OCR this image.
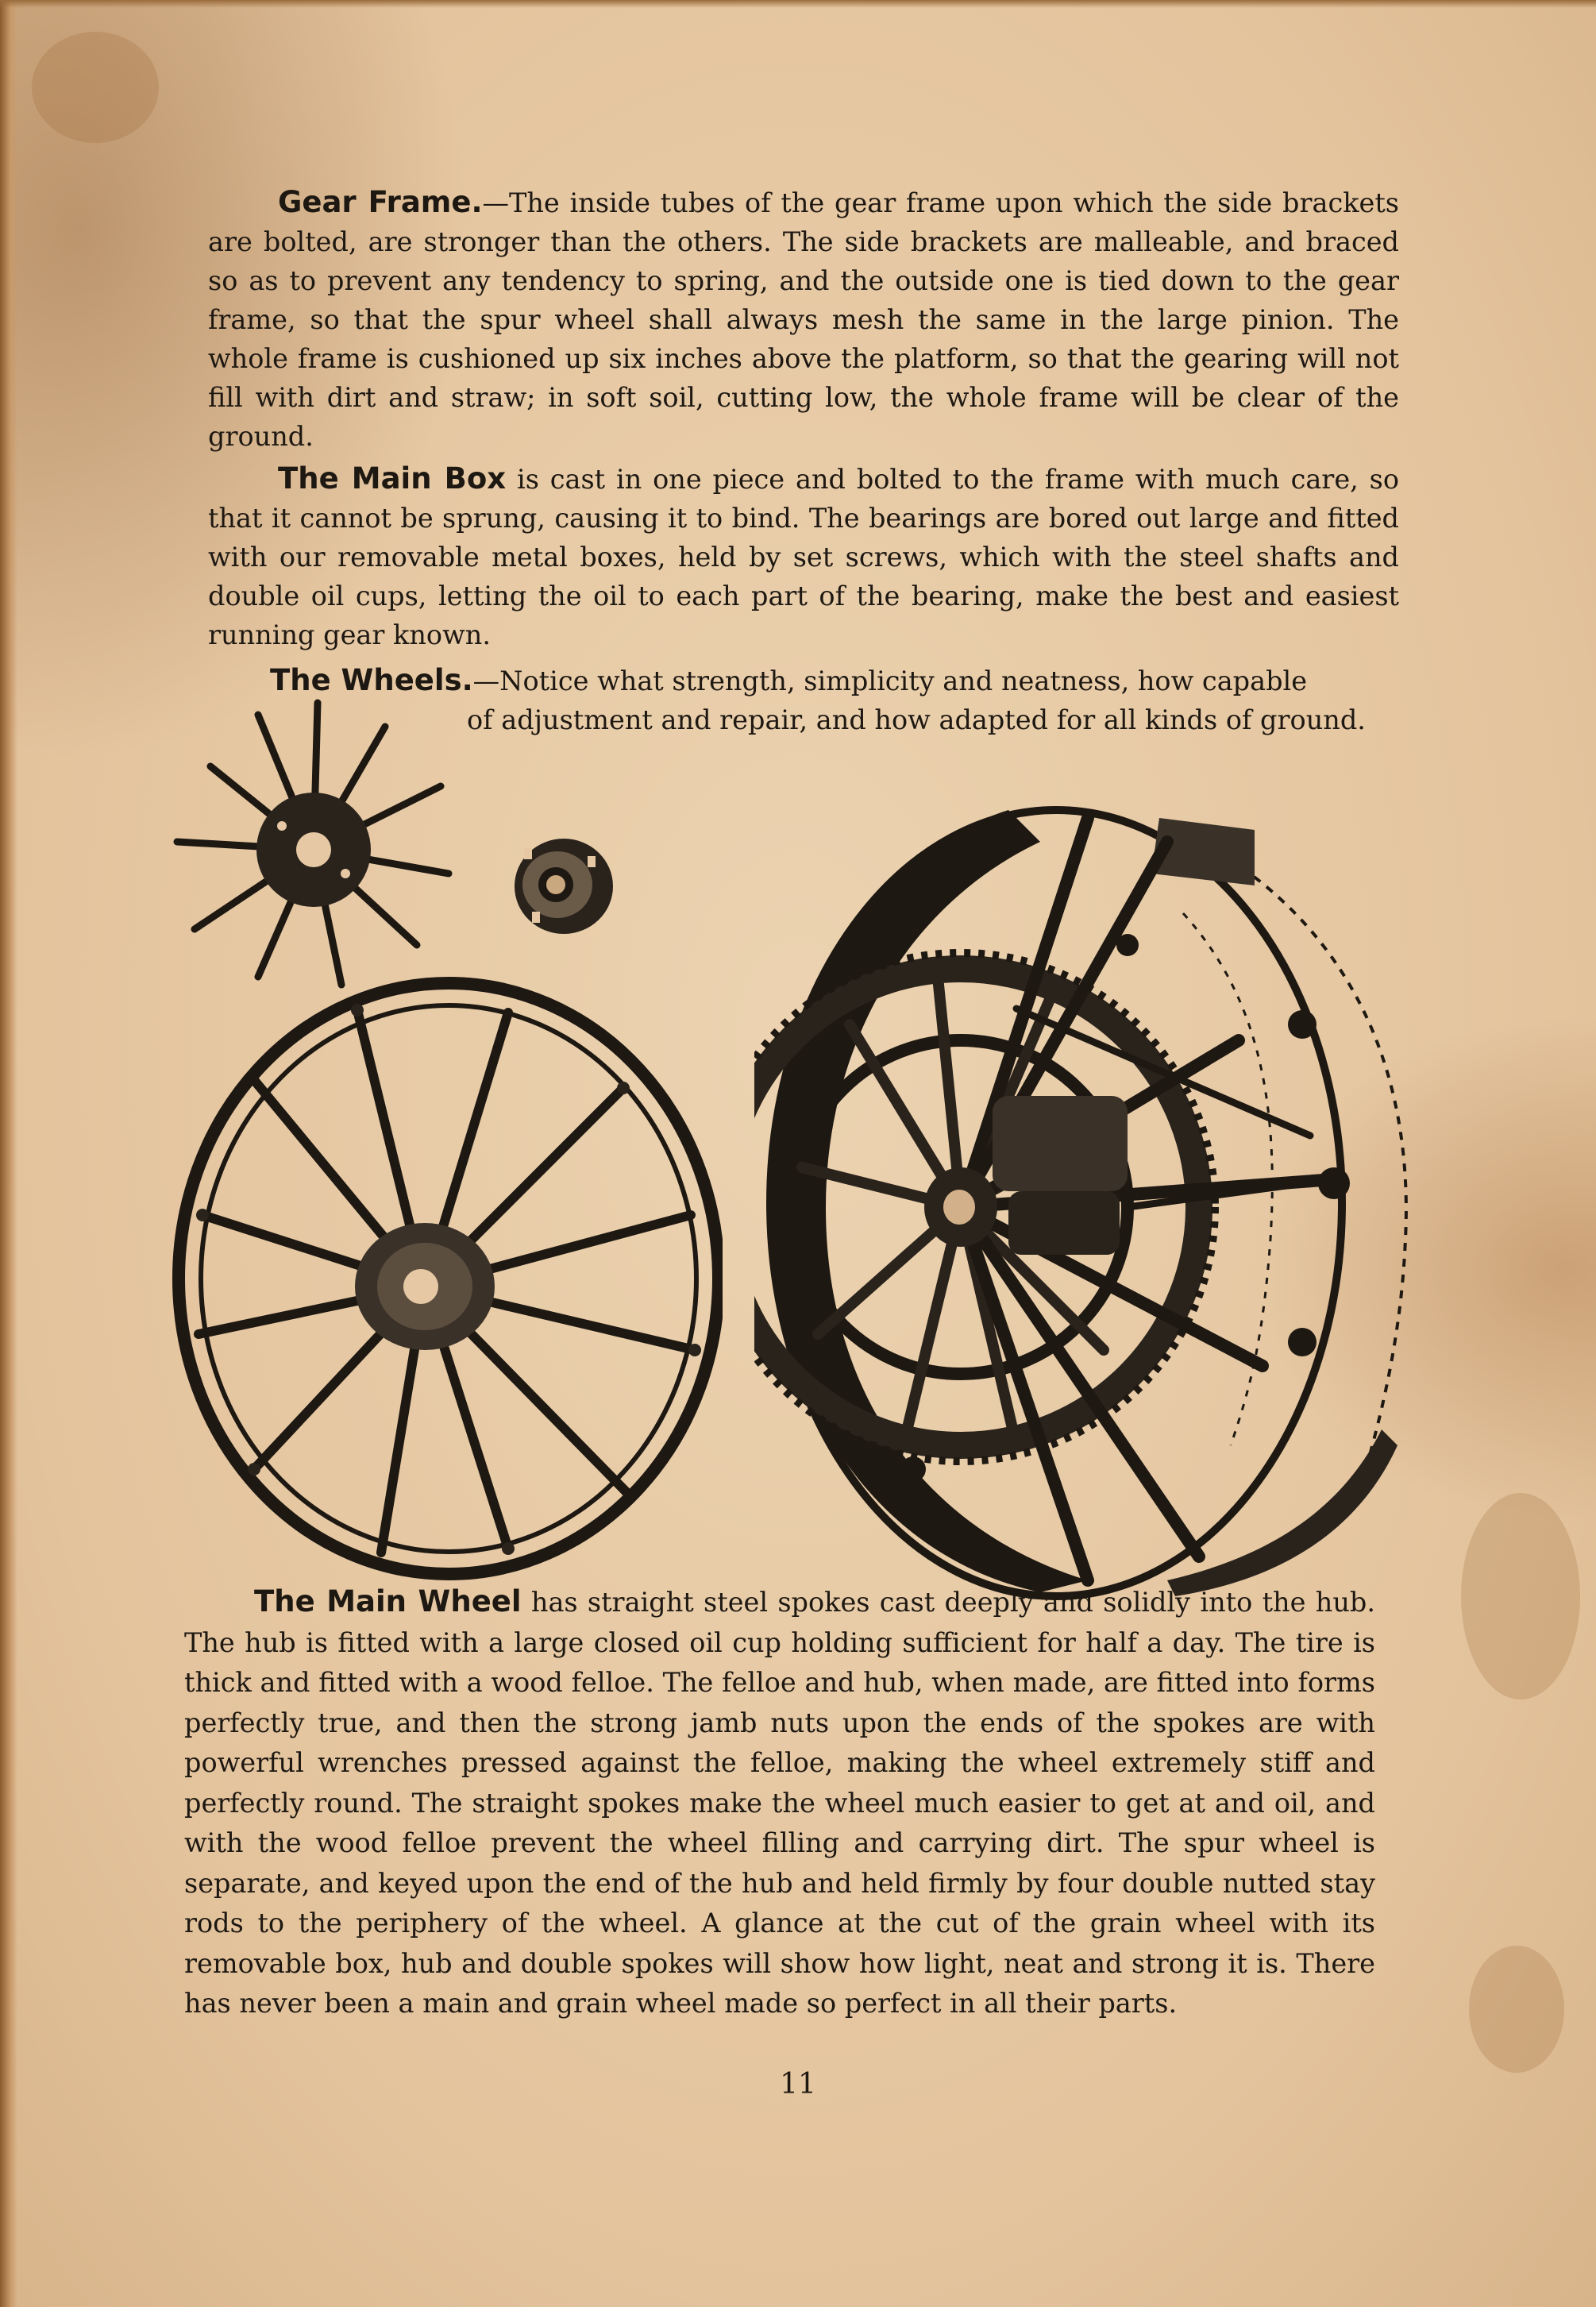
Gear Frame.—The inside tubes of the gear frame upon which the side brackets are bolted, are stronger than the others. The side brackets are malleable, and braced so as to prevent any tendency to spring, and the outside one is tied down to the gear frame, so that the spur wheel shall always mesh the same in the large pinion. The whole frame is cushioned up six inches above the platform, so that the gearing will not fill with dirt and straw; in soft soil, cutting low, the whole frame will be clear of the ground.

The Main Box is cast in one piece and bolted to the frame with much care, so that it cannot be sprung, causing it to bind. The bearings are bored out large and fitted with our removable metal boxes, held by set screws, which with the steel shafts and double oil cups, letting the oil to each part of the bearing, make the best and easiest running gear known.

The Wheels.—Notice what strength, simplicity and neatness, how capable
of adjustment and repair, and how adapted for all kinds of ground.

The Main Wheel has straight steel spokes cast deeply and solidly into the hub. The hub is fitted with a large closed oil cup holding sufficient for half a day. The tire is thick and fitted with a wood felloe. The felloe and hub, when made, are fitted into forms perfectly true, and then the strong jamb nuts upon the ends of the spokes are with powerful wrenches pressed against the felloe, making the wheel extremely stiff and perfectly round. The straight spokes make the wheel much easier to get at and oil, and with the wood felloe prevent the wheel filling and carrying dirt. The spur wheel is separate, and keyed upon the end of the hub and held firmly by four double nutted stay rods to the periphery of the wheel. A glance at the cut of the grain wheel with its removable box, hub and double spokes will show how light, neat and strong it is. There has never been a main and grain wheel made so perfect in all their parts.

11
